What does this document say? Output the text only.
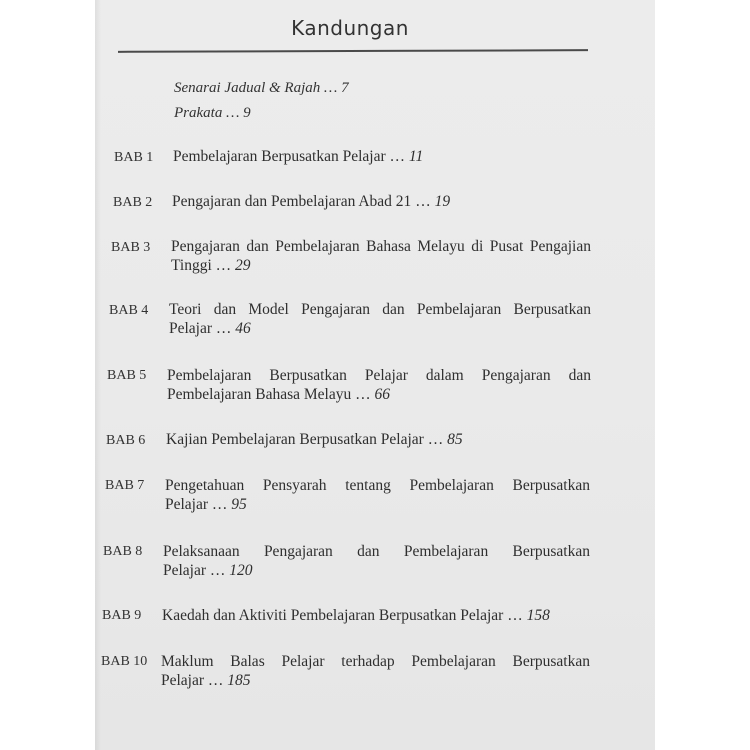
Kandungan
Senarai Jadual & Rajah … 7
Prakata … 9
BAB 1 Pembelajaran Berpusatkan Pelajar … 11
BAB 2 Pengajaran dan Pembelajaran Abad 21 … 19
BAB 3 Pengajaran dan Pembelajaran Bahasa Melayu di Pusat Pengajian
Tinggi … 29
BAB 4 Teori dan Model Pengajaran dan Pembelajaran Berpusatkan
Pelajar … 46
BAB 5 Pembelajaran Berpusatkan Pelajar dalam Pengajaran dan
Pembelajaran Bahasa Melayu … 66
BAB 6 Kajian Pembelajaran Berpusatkan Pelajar … 85
BAB 7 Pengetahuan Pensyarah tentang Pembelajaran Berpusatkan
Pelajar … 95
BAB 8 Pelaksanaan Pengajaran dan Pembelajaran Berpusatkan
Pelajar … 120
BAB 9 Kaedah dan Aktiviti Pembelajaran Berpusatkan Pelajar … 158
BAB 10 Maklum Balas Pelajar terhadap Pembelajaran Berpusatkan
Pelajar … 185
